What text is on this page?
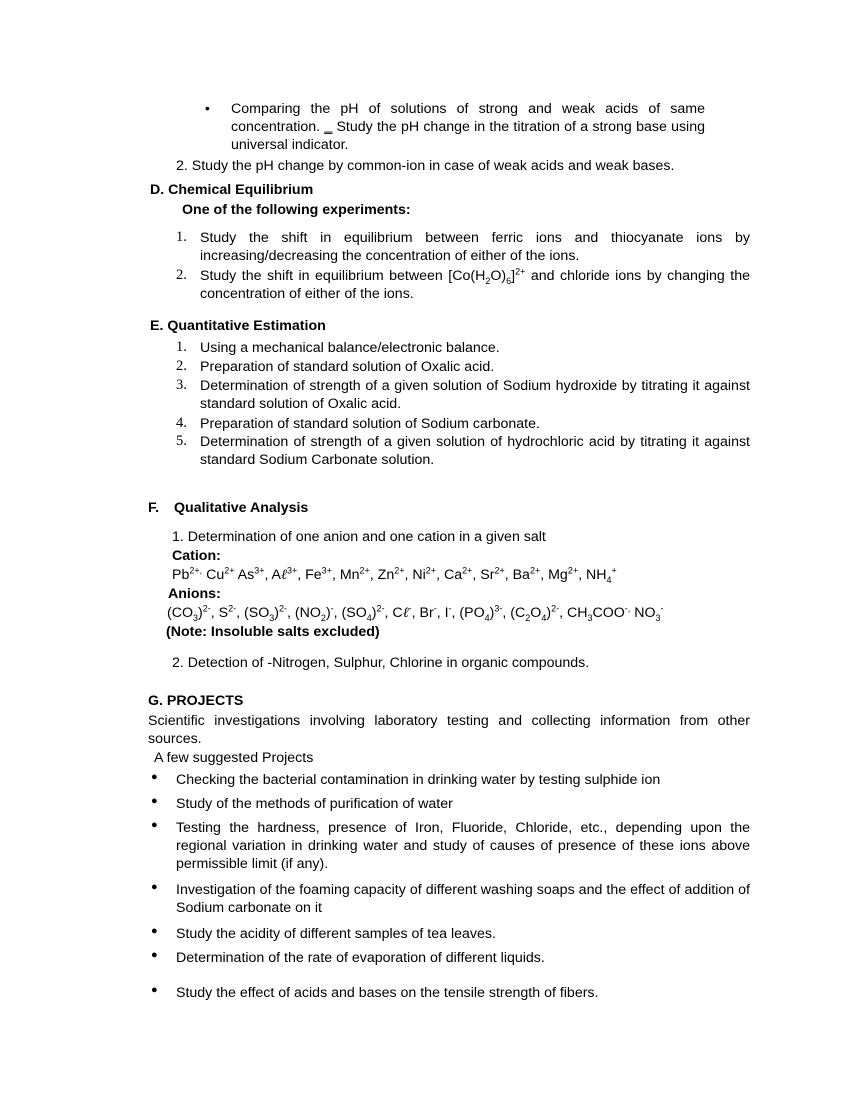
• Comparing the pH of solutions of strong and weak acids of same concentration. ‗ Study the pH change in the titration of a strong base using universal indicator.

2. Study the pH change by common-ion in case of weak acids and weak bases.

D. Chemical Equilibrium

One of the following experiments:

1. Study the shift in equilibrium between ferric ions and thiocyanate ions by increasing/decreasing the concentration of either of the ions.

2. Study the shift in equilibrium between $[Co(H_2O)_6]^{2+}$ and chloride ions by changing the concentration of either of the ions.

E. Quantitative Estimation

1. Using a mechanical balance/electronic balance.

2. Preparation of standard solution of Oxalic acid.

3. Determination of strength of a given solution of Sodium hydroxide by titrating it against standard solution of Oxalic acid.

4. Preparation of standard solution of Sodium carbonate.

5. Determination of strength of a given solution of hydrochloric acid by titrating it against standard Sodium Carbonate solution.

F. Qualitative Analysis

1. Determination of one anion and one cation in a given salt

Cation:

$Pb^{2+,}$ $Cu^{2+}$ $As^{3+}$, Aℓ$^{3+}$, $Fe^{3+}$, $Mn^{2+}$, $Zn^{2+}$, $Ni^{2+}$, $Ca^{2+}$, $Sr^{2+}$, $Ba^{2+}$, $Mg^{2+}$, $NH_4^+$

Anions:

$(CO_3)^{2-}$, $S^{2-}$, $(SO_3)^{2-}$, $(NO_2)^-$, $(SO_4)^{2-}$, Cℓ-, Br-, I-, $(PO_4)^{3-}$, $(C_2O_4)^{2-}$, $CH_3COO^{-,}$ $NO_3^-$

(Note: Insoluble salts excluded)

2. Detection of -Nitrogen, Sulphur, Chlorine in organic compounds.

G. PROJECTS

Scientific investigations involving laboratory testing and collecting information from other sources.

A few suggested Projects

● Checking the bacterial contamination in drinking water by testing sulphide ion

● Study of the methods of purification of water

● Testing the hardness, presence of Iron, Fluoride, Chloride, etc., depending upon the regional variation in drinking water and study of causes of presence of these ions above permissible limit (if any).

● Investigation of the foaming capacity of different washing soaps and the effect of addition of Sodium carbonate on it

● Study the acidity of different samples of tea leaves.

● Determination of the rate of evaporation of different liquids.

● Study the effect of acids and bases on the tensile strength of fibers.
